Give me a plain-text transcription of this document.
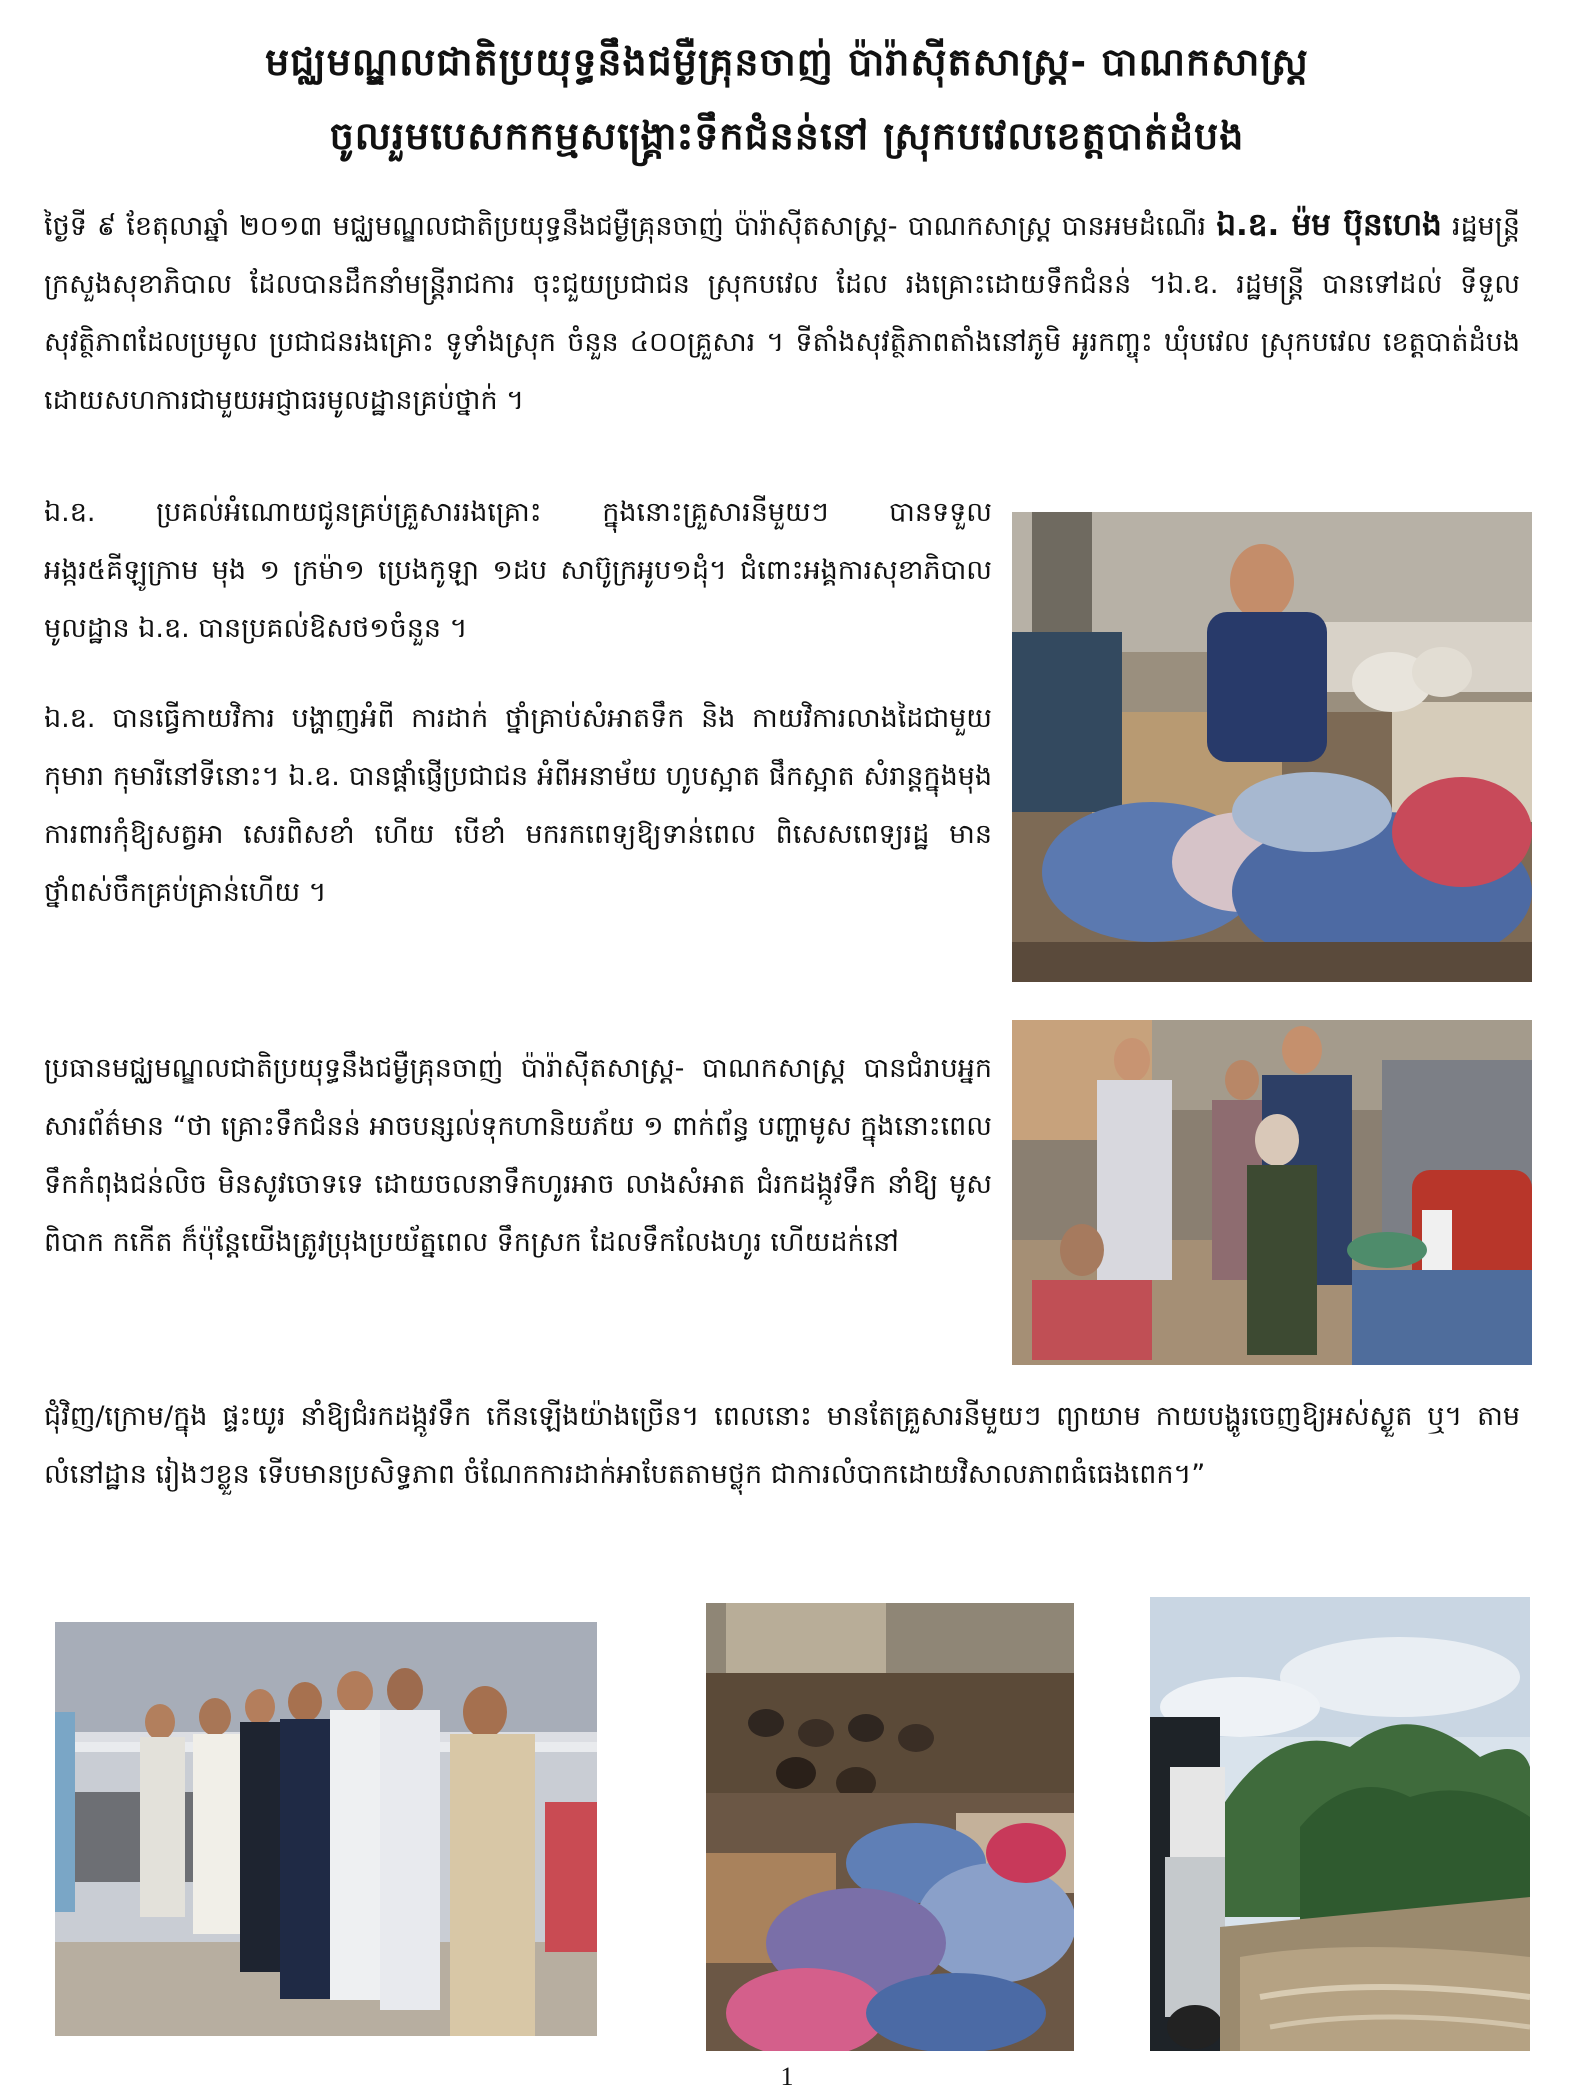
មជ្ឈមណ្ឌលជាតិប្រយុទ្ធនឹងជម្ងឺគ្រុនចាញ់ ប៉ារ៉ាស៊ីតសាស្ត្រ- បាណកសាស្ត្រ
ចូលរួមបេសកកម្មសង្គ្រោះទឹកជំនន់នៅ ស្រុកបវេលខេត្តបាត់ដំបង

ថ្ងៃទី ៩ ខែតុលាឆ្នាំ ២០១៣ មជ្ឈមណ្ឌលជាតិប្រយុទ្ធនឹងជម្ងឺគ្រុនចាញ់ ប៉ារ៉ាស៊ីតសាស្ត្រ- បាណកសាស្ត្រ បានអមដំណើរ ឯ.ឧ. ម៉ម ប៊ុនហេង រដ្ឋមន្ត្រីក្រសួងសុខាភិបាល ដែលបានដឹកនាំមន្ត្រីរាជការ ចុះជួយប្រជាជន ស្រុកបវេល ដែល រងគ្រោះដោយទឹកជំនន់ ។ឯ.ឧ. រដ្ឋមន្ត្រី បានទៅដល់ ទីទួលសុវត្ថិភាពដែលប្រមូល ប្រជាជនរងគ្រោះ ទូទាំងស្រុក ចំនួន ៤០០គ្រួសារ ។ ទីតាំងសុវត្ថិភាពតាំងនៅភូមិ អូរកញ្ចុះ ឃុំបវេល ស្រុកបវេល ខេត្តបាត់ដំបង ដោយសហការជាមួយអជ្ញាធរមូលដ្ឋានគ្រប់ថ្នាក់ ។

ឯ.ឧ. ប្រគល់អំណោយជូនគ្រប់គ្រួសាររងគ្រោះ ក្នុងនោះគ្រួសារនីមួយៗ បានទទួល អង្ករ៥គីឡូក្រាម មុង ១ ក្រម៉ា១ ប្រេងកូឡា ១ដប សាប៊ូក្រអូប១ដុំ។ ជំពោះអង្គការសុខាភិបាលមូលដ្ឋាន ឯ.ឧ. បានប្រគល់ឱសថ១ចំនួន ។

ឯ.ឧ. បានធ្វើកាយវិការ បង្ហាញអំពី ការដាក់ ថ្នាំគ្រាប់សំអាតទឹក និង កាយវិការលាងដៃជាមួយកុមារា កុមារីនៅទីនោះ។ ឯ.ឧ. បានផ្តាំផ្ញើប្រជាជន អំពីអនាម័យ ហូបស្អាត ផឹកស្អាត សំរាន្តក្នុងមុង ការពារកុំឱ្យសត្វអា សេរពិសខាំ ហើយ បើខាំ មករកពេទ្យឱ្យទាន់ពេល ពិសេសពេទ្យរដ្ឋ មានថ្នាំពស់ចឹកគ្រប់គ្រាន់ហើយ ។

ប្រធានមជ្ឈមណ្ឌលជាតិប្រយុទ្ធនឹងជម្ងឺគ្រុនចាញ់ ប៉ារ៉ាស៊ីតសាស្ត្រ- បាណកសាស្ត្រ បានជំរាបអ្នកសារព័ត៌មាន “ថា គ្រោះទឹកជំនន់ អាចបន្សល់ទុកហានិយភ័យ ១ ពាក់ព័ន្ធ បញ្ហាមូស ក្នុងនោះពេលទឹកកំពុងជន់លិច មិនសូវចោទទេ ដោយចលនាទឹកហូរអាច លាងសំអាត ជំរកដង្កូវទឹក នាំឱ្យ មូសពិបាក កកើត ក៏ប៉ុន្តែយើងត្រូវប្រុងប្រយ័ត្នពេល ទឹកស្រក ដែលទឹកលែងហូរ ហើយដក់នៅ

ជុំវិញ/ក្រោម/ក្នុង ផ្ទះយូរ នាំឱ្យជំរកដង្កូវទឹក កើនឡើងយ៉ាងច្រើន។ ពេលនោះ មានតែគ្រួសារនីមួយៗ ព្យាយាម កាយបង្ហូរចេញឱ្យអស់ស្ងួត ឬ។ តាមលំនៅដ្ឋាន រៀងៗខ្លួន ទើបមានប្រសិទ្ធភាព ចំណែកការដាក់អាបែតតាមថ្លុក ជាការលំបាកដោយវិសាលភាពធំធេងពេក។”

1
